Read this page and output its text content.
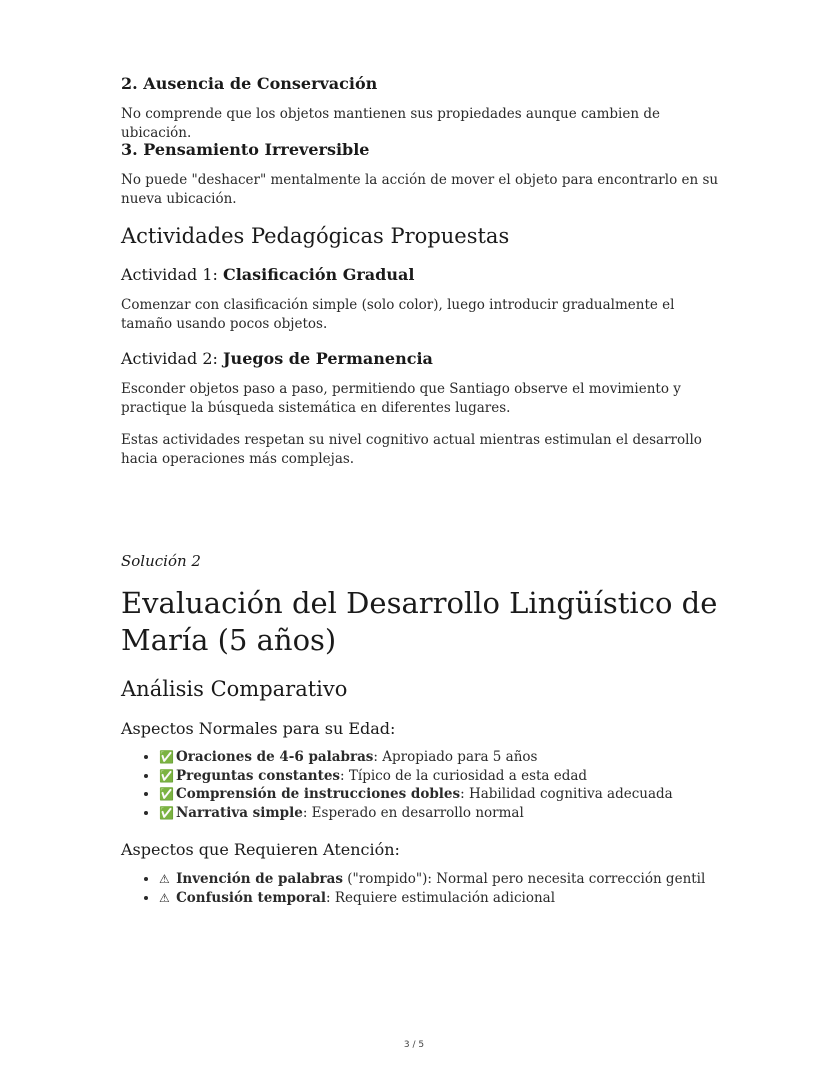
2. Ausencia de Conservación
No comprende que los objetos mantienen sus propiedades aunque cambien de ubicación.
3. Pensamiento Irreversible
No puede "deshacer" mentalmente la acción de mover el objeto para encontrarlo en su nueva ubicación.
Actividades Pedagógicas Propuestas
Actividad 1: Clasificación Gradual
Comenzar con clasificación simple (solo color), luego introducir gradualmente el tamaño usando pocos objetos.
Actividad 2: Juegos de Permanencia
Esconder objetos paso a paso, permitiendo que Santiago observe el movimiento y practique la búsqueda sistemática en diferentes lugares.
Estas actividades respetan su nivel cognitivo actual mientras estimulan el desarrollo hacia operaciones más complejas.
Solución 2
Evaluación del Desarrollo Lingüístico de María (5 años)
Análisis Comparativo
Aspectos Normales para su Edad:
• ✅ Oraciones de 4-6 palabras: Apropiado para 5 años
• ✅ Preguntas constantes: Típico de la curiosidad a esta edad
• ✅ Comprensión de instrucciones dobles: Habilidad cognitiva adecuada
• ✅ Narrativa simple: Esperado en desarrollo normal
Aspectos que Requieren Atención:
• ⚠ Invención de palabras ("rompido"): Normal pero necesita corrección gentil
• ⚠ Confusión temporal: Requiere estimulación adicional
3 / 5
